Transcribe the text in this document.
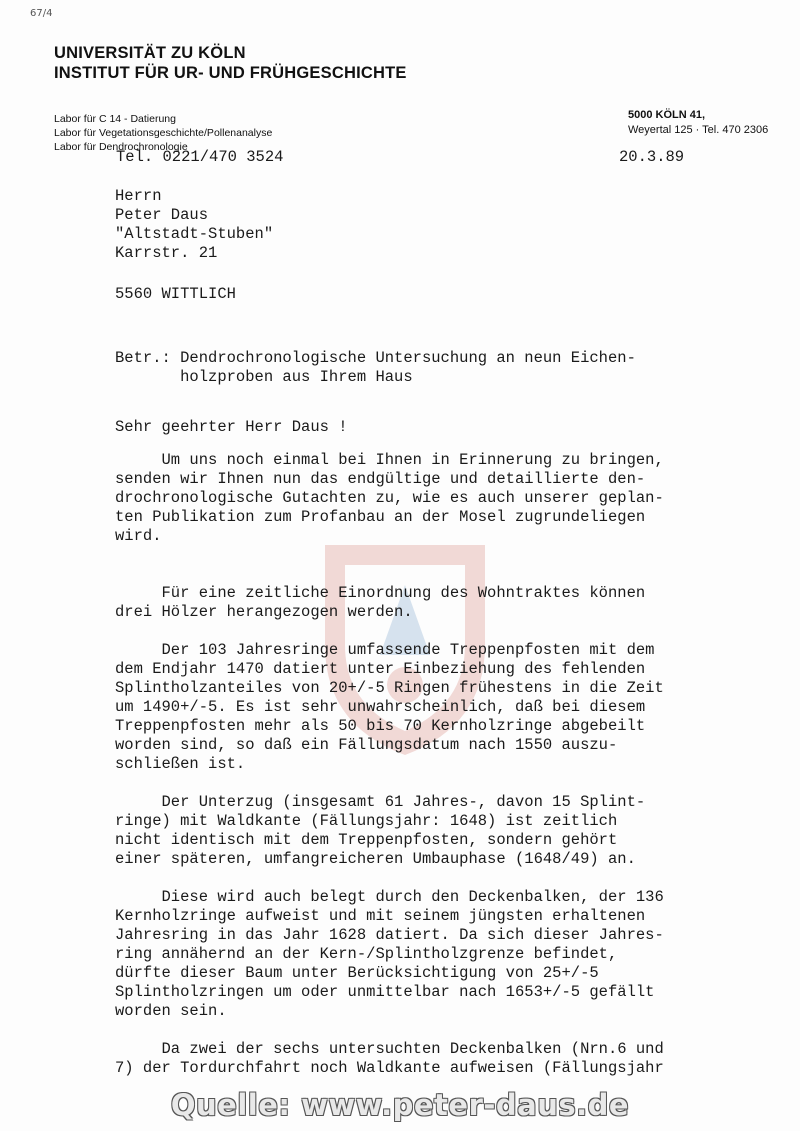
67/4
UNIVERSITÄT ZU KÖLN
INSTITUT FÜR UR- UND FRÜHGESCHICHTE
Labor für C 14 - Datierung
Labor für Vegetationsgeschichte/Pollenanalyse
Labor für Dendrochronologie
5000 KÖLN 41,
Weyertal 125 · Tel. 470 2306
Tel. 0221/470 3524	20.3.89
Herrn
Peter Daus
"Altstadt-Stuben"
Karrstr. 21
5560 WITTLICH
Betr.: Dendrochronologische Untersuchung an neun Eichen-
holzproben aus Ihrem Haus
Sehr geehrter Herr Daus !
Um uns noch einmal bei Ihnen in Erinnerung zu bringen,
senden wir Ihnen nun das endgültige und detaillierte den-
drochronologische Gutachten zu, wie es auch unserer geplan-
ten Publikation zum Profanbau an der Mosel zugrundeliegen
wird.

Für eine zeitliche Einordnung des Wohntraktes können
drei Hölzer herangezogen werden.

Der 103 Jahresringe umfassende Treppenpfosten mit dem
dem Endjahr 1470 datiert unter Einbeziehung des fehlenden
Splintholzanteiles von 20+/-5 Ringen frühestens in die Zeit
um 1490+/-5. Es ist sehr unwahrscheinlich, daß bei diesem
Treppenpfosten mehr als 50 bis 70 Kernholzringe abgebeilt
worden sind, so daß ein Fällungsdatum nach 1550 auszu-
schließen ist.

Der Unterzug (insgesamt 61 Jahres-, davon 15 Splint-
ringe) mit Waldkante (Fällungsjahr: 1648) ist zeitlich
nicht identisch mit dem Treppenpfosten, sondern gehört
einer späteren, umfangreicheren Umbauphase (1648/49) an.

Diese wird auch belegt durch den Deckenbalken, der 136
Kernholzringe aufweist und mit seinem jüngsten erhaltenen
Jahresring in das Jahr 1628 datiert. Da sich dieser Jahres-
ring annähernd an der Kern-/Splintholzgrenze befindet,
dürfte dieser Baum unter Berücksichtigung von 25+/-5
Splintholzringen um oder unmittelbar nach 1653+/-5 gefällt
worden sein.

Da zwei der sechs untersuchten Deckenbalken (Nrn.6 und
7) der Tordurchfahrt noch Waldkante aufweisen (Fällungsjahr
Quelle: www.peter-daus.de
